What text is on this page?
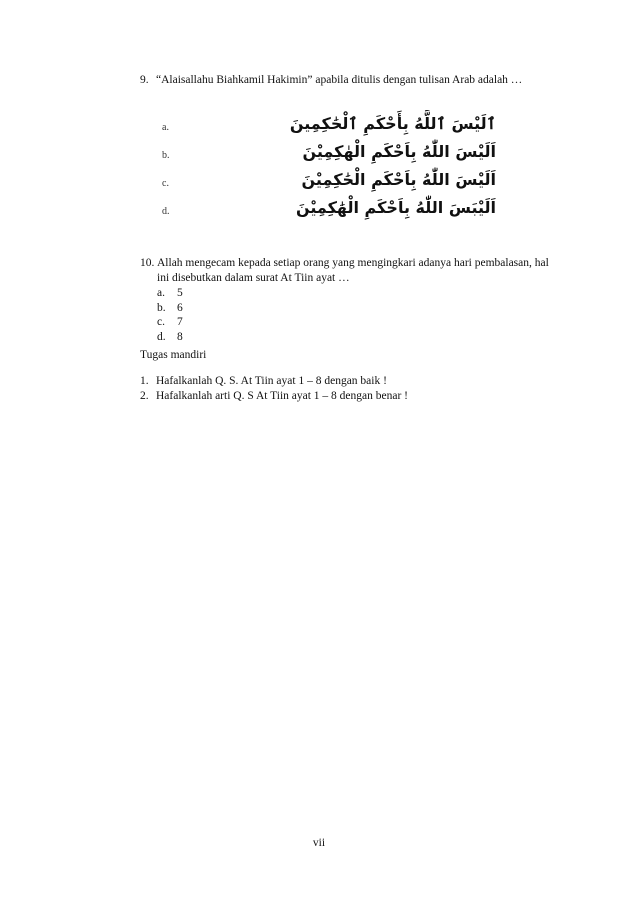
9. “Alaisallahu Biahkamil Hakimin” apabila ditulis dengan tulisan Arab adalah …
a.
b.
c.
d.
ٱلَيْسَ ٱللَّهُ بِأَحْكَمِ ٱلْحَٰكِمِينَ
اَلَيْسَ اللّٰهُ بِاَحْكَمِ الْهٰكِمِيْنَ
اَلَيْسَ اللّٰهُ بِاَحْكَمِ الْحَٰكِمِيْنَ
اَلَيْبَسَ اللّٰهُ بِاَحْكَمِ الْهَٰكِمِيْنَ
10. Allah mengecam kepada setiap orang yang mengingkari adanya hari pembalasan, hal
ini disebutkan dalam surat At Tiin ayat …
a.	5
b. 6
c.	7
d. 8
Tugas mandiri
1. Hafalkanlah Q. S. At Tiin ayat 1 – 8 dengan baik !
2. Hafalkanlah arti Q. S At Tiin ayat 1 – 8 dengan benar !
vii
